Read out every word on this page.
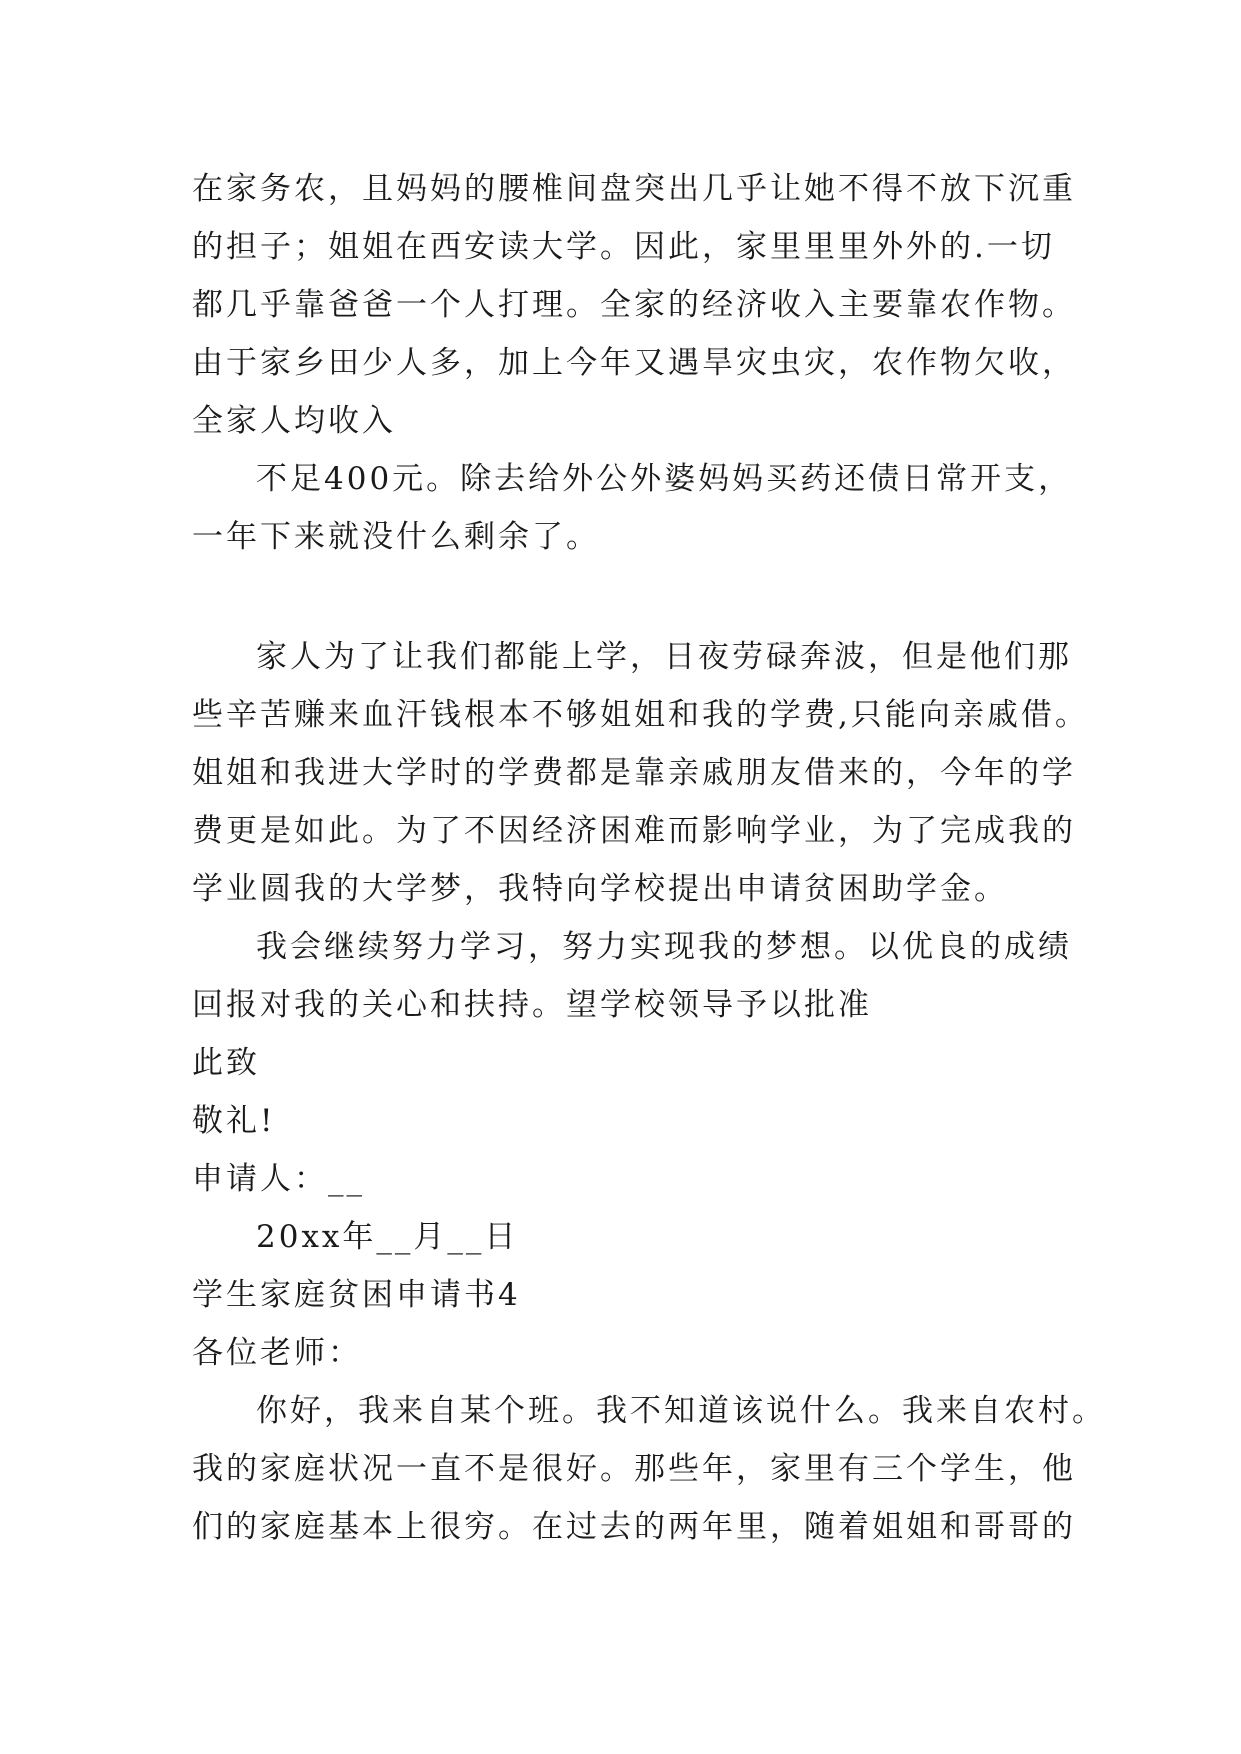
在家务农，且妈妈的腰椎间盘突出几乎让她不得不放下沉重
的担子；姐姐在西安读大学。因此，家里里里外外的.一切
都几乎靠爸爸一个人打理。全家的经济收入主要靠农作物。
由于家乡田少人多，加上今年又遇旱灾虫灾，农作物欠收，
全家人均收入
不足400元。除去给外公外婆妈妈买药还债日常开支，
一年下来就没什么剩余了。
家人为了让我们都能上学，日夜劳碌奔波，但是他们那
些辛苦赚来血汗钱根本不够姐姐和我的学费,只能向亲戚借。
姐姐和我进大学时的学费都是靠亲戚朋友借来的，今年的学
费更是如此。为了不因经济困难而影响学业，为了完成我的
学业圆我的大学梦，我特向学校提出申请贫困助学金。
我会继续努力学习，努力实现我的梦想。以优良的成绩
回报对我的关心和扶持。望学校领导予以批准
此致
敬礼!
申请人：__
20xx年__月__日
学生家庭贫困申请书4
各位老师：
你好，我来自某个班。我不知道该说什么。我来自农村。
我的家庭状况一直不是很好。那些年，家里有三个学生，他
们的家庭基本上很穷。在过去的两年里，随着姐姐和哥哥的
